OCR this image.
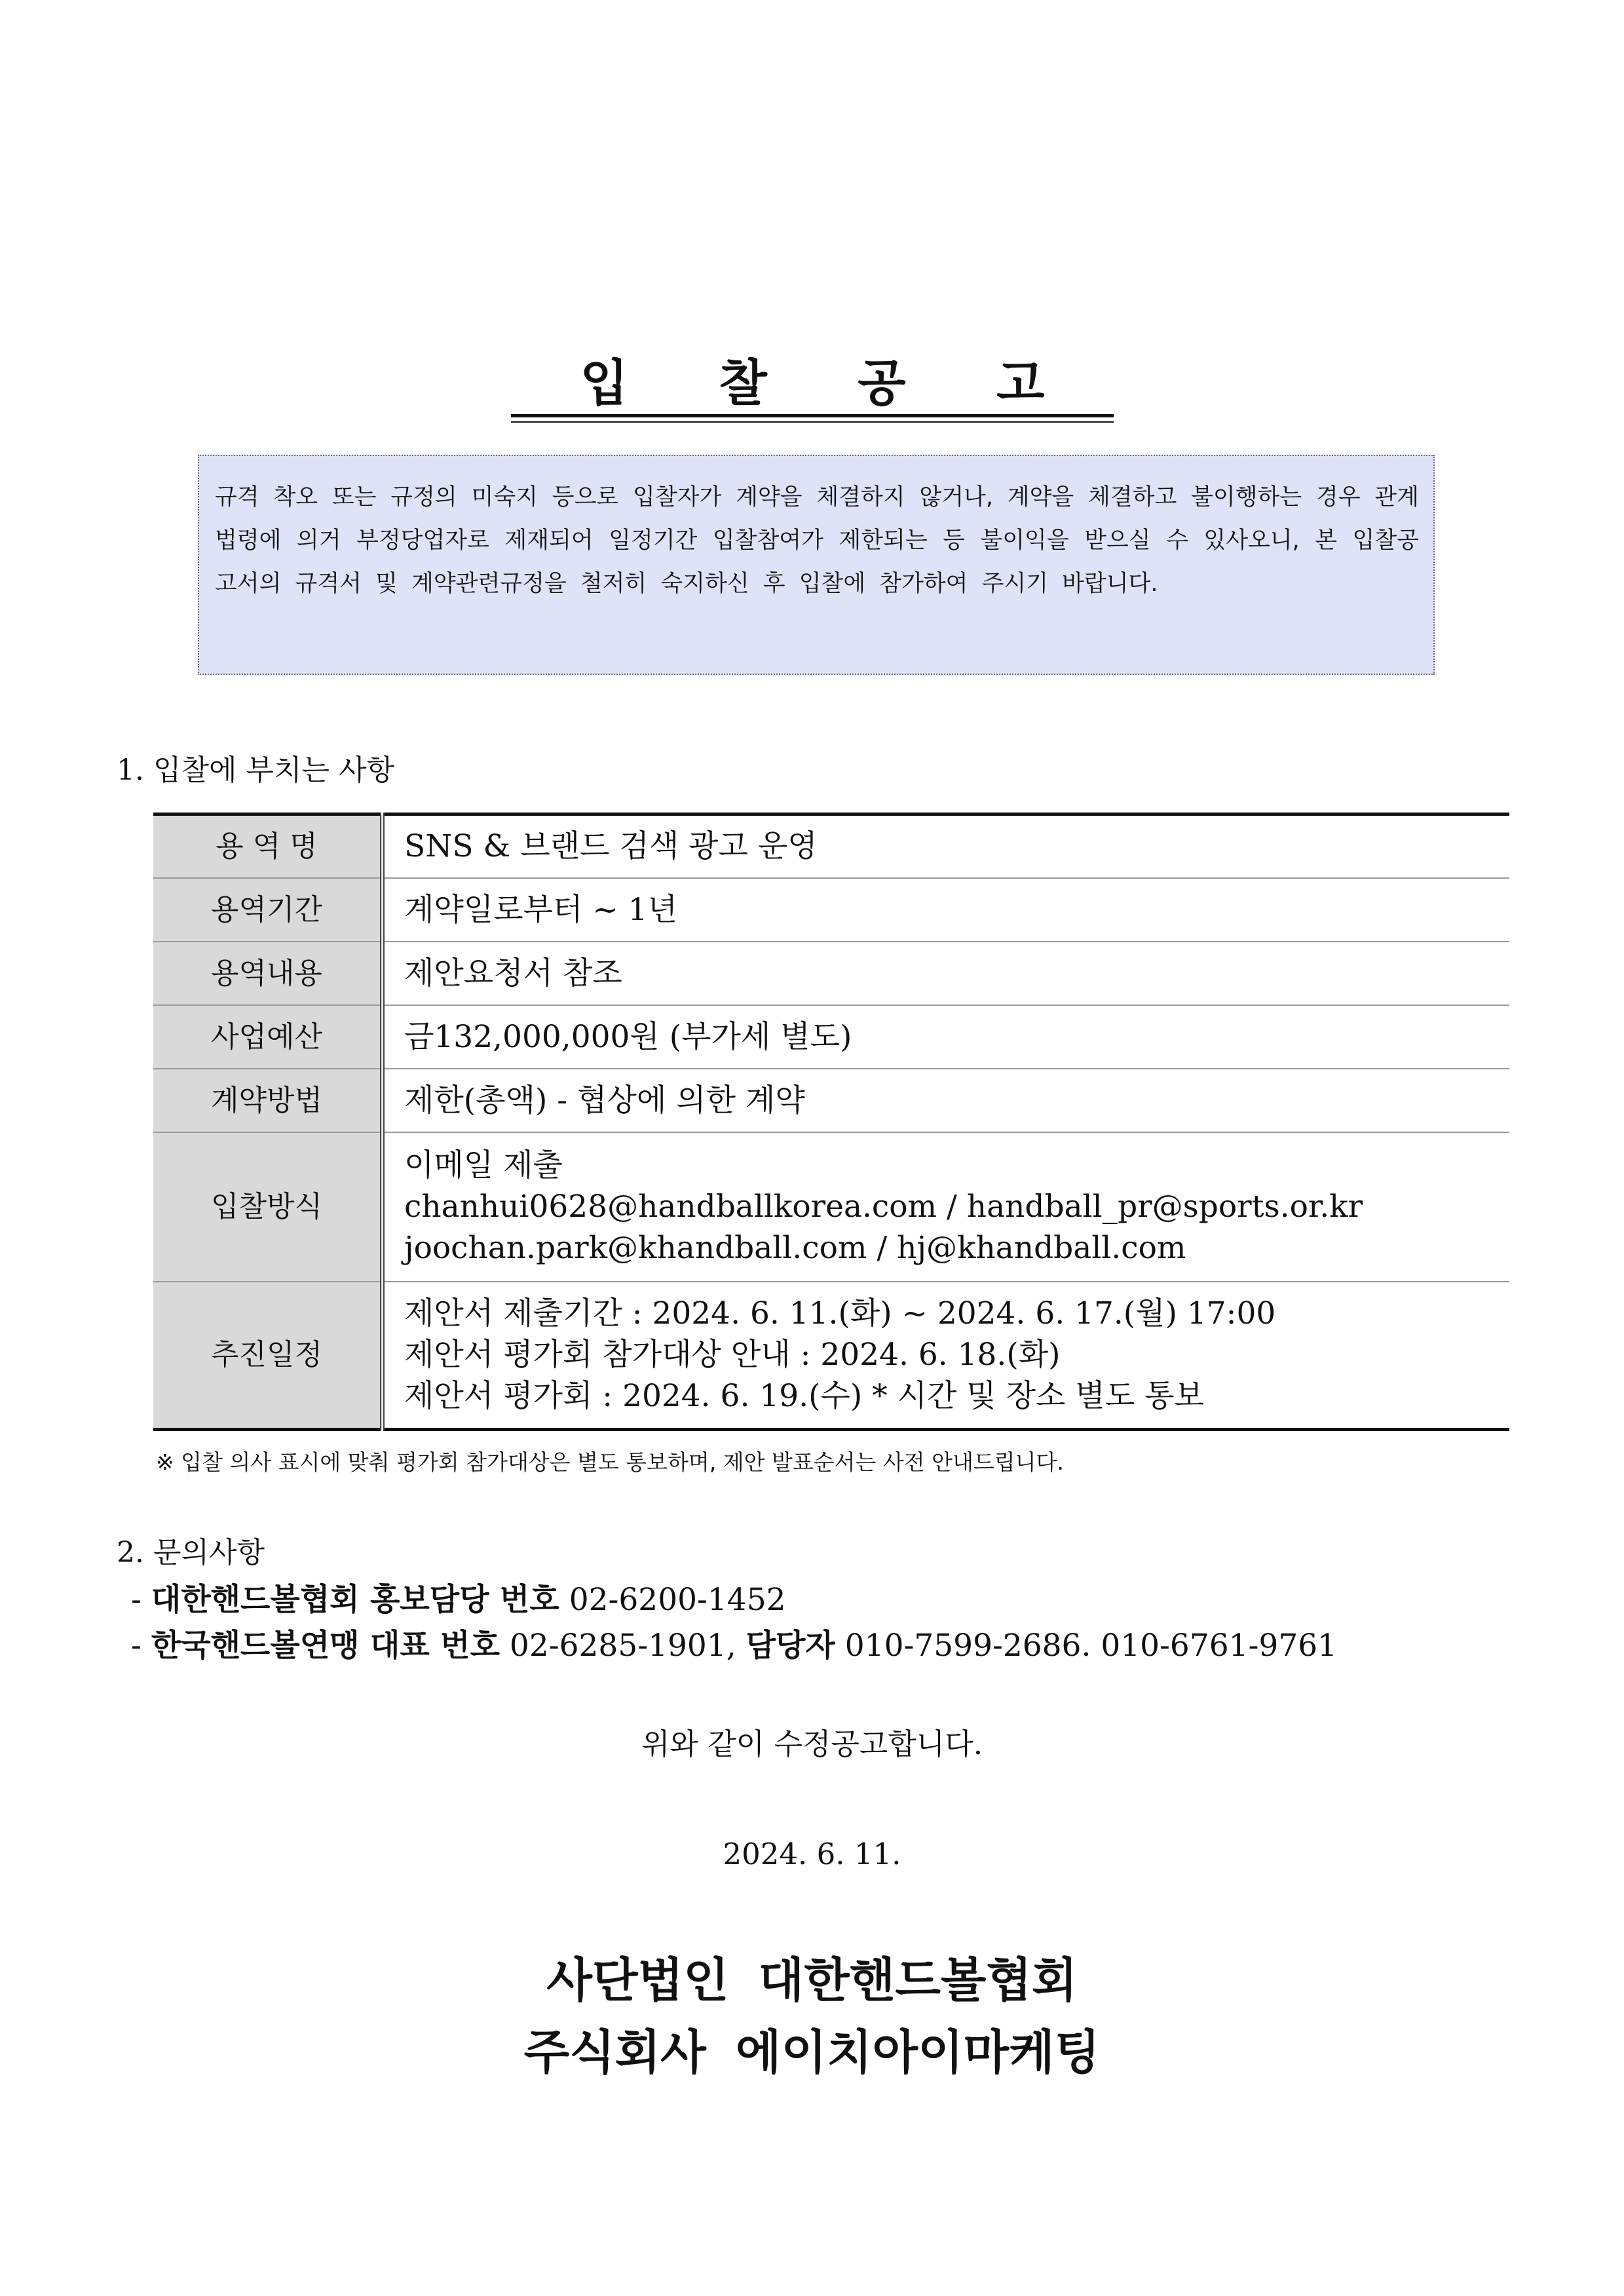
입 찰 공 고
규격 착오 또는 규정의 미숙지 등으로 입찰자가 계약을 체결하지 않거나, 계약을 체결하고 불이행하는 경우 관계법령에 의거 부정당업자로 제재되어 일정기간 입찰참여가 제한되는 등 불이익을 받으실 수 있사오니, 본 입찰공고서의 규격서 및 계약관련규정을 철저히 숙지하신 후 입찰에 참가하여 주시기 바랍니다.
1. 입찰에 부치는 사항
용 역 명	SNS & 브랜드 검색 광고 운영
용역기간	계약일로부터 ~ 1년
용역내용	제안요청서 참조
사업예산	금132,000,000원 (부가세 별도)
계약방법	제한(총액) - 협상에 의한 계약
입찰방식	이메일 제출
chanhui0628@handballkorea.com / handball_pr@sports.or.kr
joochan.park@khandball.com / hj@khandball.com

추진일정	제안서 제출기간 : 2024. 6. 11.(화) ~ 2024. 6. 17.(월) 17:00
제안서 평가회 참가대상 안내 : 2024. 6. 18.(화)
제안서 평가회 : 2024. 6. 19.(수) * 시간 및 장소 별도 통보
※ 입찰 의사 표시에 맞춰 평가회 참가대상은 별도 통보하며, 제안 발표순서는 사전 안내드립니다.
2. 문의사항
- 대한핸드볼협회 홍보담당 번호 02-6200-1452
- 한국핸드볼연맹 대표 번호 02-6285-1901, 담당자 010-7599-2686. 010-6761-9761
위와 같이 수정공고합니다.
2024. 6. 11.
사단법인 대한핸드볼협회
주식회사 에이치아이마케팅
